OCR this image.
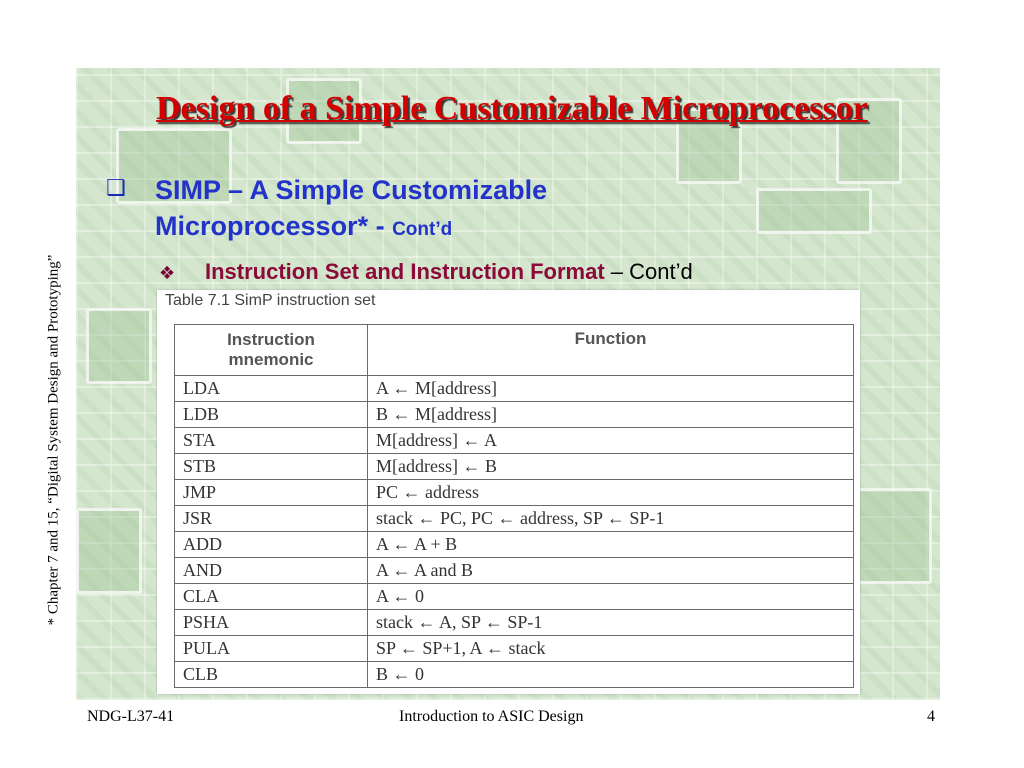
Design of a Simple Customizable Microprocessor
* Chapter 7 and 15, “Digital System Design and Prototyping”
❑ SIMP – A Simple Customizable
Microprocessor* - Cont’d
❖ Instruction Set and Instruction Format – Cont’d
Table 7.1 SimP instruction set
Instruction mnemonic	Function
LDA	A ← M[address]
LDB	B ← M[address]
STA	M[address] ← A
STB	M[address] ← B
JMP	PC ← address
JSR	stack ← PC, PC ← address, SP ← SP-1
ADD	A ← A + B
AND	A ← A and B
CLA	A ← 0
PSHA	stack ← A, SP ← SP-1
PULA	SP ← SP+1, A ← stack
CLB	B ← 0
NDG-L37-41	Introduction to ASIC Design	4
